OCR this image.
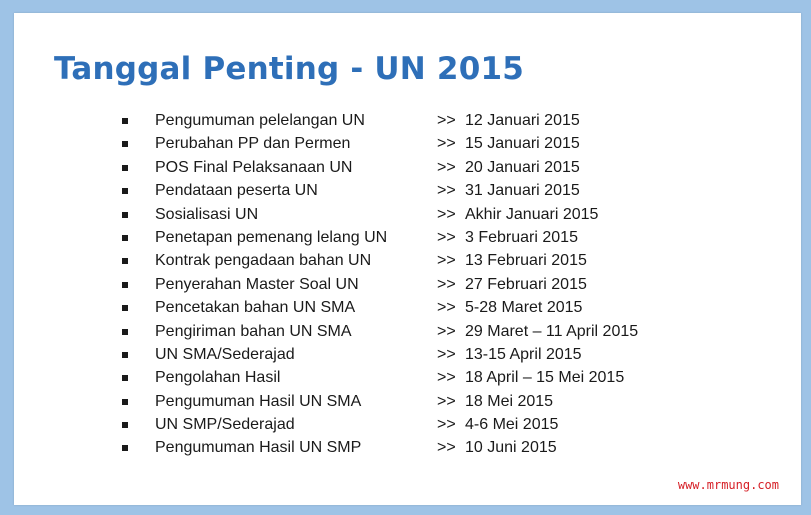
Tanggal Penting - UN 2015
Pengumuman pelelangan UN	>> 12 Januari 2015
Perubahan PP dan Permen	>> 15 Januari 2015
POS Final Pelaksanaan UN	>> 20 Januari 2015
Pendataan peserta UN	>> 31 Januari 2015
Sosialisasi UN	>> Akhir Januari 2015
Penetapan pemenang lelang UN	>> 3 Februari 2015
Kontrak pengadaan bahan UN	>> 13 Februari 2015
Penyerahan Master Soal UN	>> 27 Februari 2015
Pencetakan bahan UN SMA	>> 5-28 Maret 2015
Pengiriman bahan UN SMA	>> 29 Maret – 11 April 2015
UN SMA/Sederajad	>> 13-15 April 2015
Pengolahan Hasil	>> 18 April – 15 Mei 2015
Pengumuman Hasil UN SMA	>> 18 Mei 2015
UN SMP/Sederajad	>> 4-6 Mei 2015
Pengumuman Hasil UN SMP	>> 10 Juni 2015
www.mrmung.com
